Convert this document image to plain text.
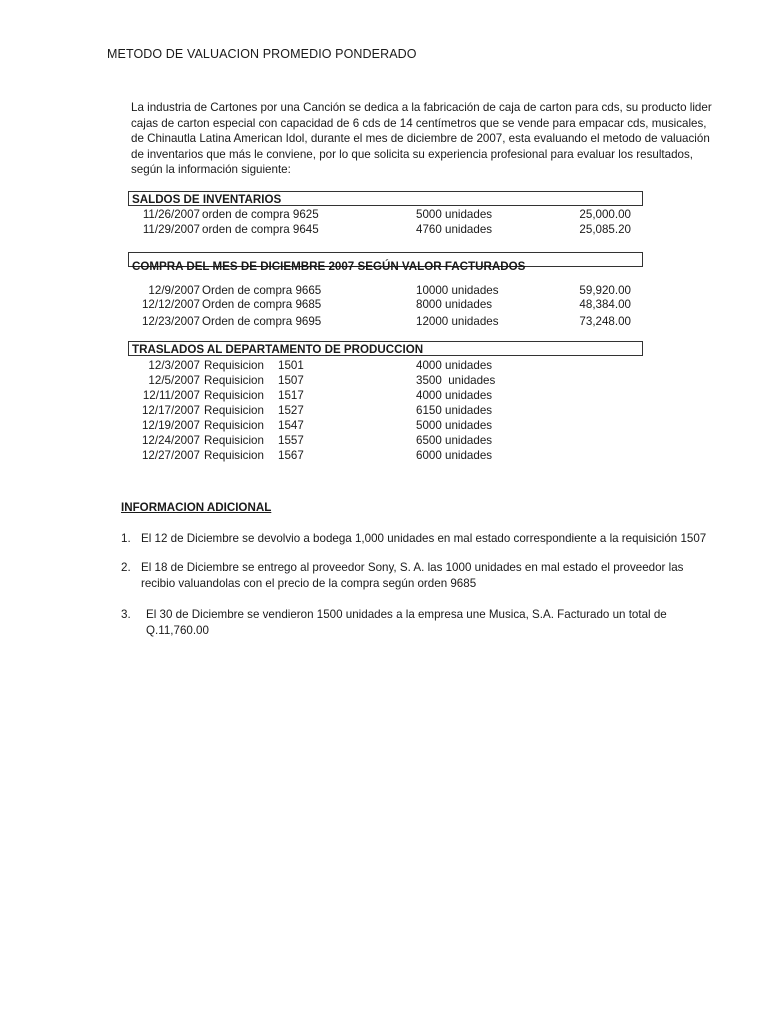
METODO DE VALUACION PROMEDIO PONDERADO
La industria de Cartones por una Canción se dedica a la fabricación de caja de carton para cds, su producto lider
cajas de carton especial con capacidad de 6 cds de 14 centímetros que se vende para empacar cds, musicales,
de Chinautla Latina American Idol, durante el mes de diciembre de 2007, esta evaluando el metodo de valuación
de inventarios que más le conviene, por lo que solicita su experiencia profesional para evaluar los resultados,
según la información siguiente:
SALDOS DE INVENTARIOS
11/26/2007 orden de compra 9625	5000 unidades	25,000.00
11/29/2007 orden de compra 9645	4760 unidades	25,085.20
COMPRA DEL MES DE DICIEMBRE 2007 SEGÚN VALOR FACTURADOS
12/9/2007 Orden de compra 9665	10000 unidades	59,920.00
12/12/2007 Orden de compra 9685	8000 unidades	48,384.00
12/23/2007 Orden de compra 9695	12000 unidades	73,248.00
TRASLADOS AL DEPARTAMENTO DE PRODUCCION
12/3/2007 Requisicion 1501	4000 unidades
12/5/2007 Requisicion 1507	3500  unidades
12/11/2007 Requisicion 1517	4000 unidades
12/17/2007 Requisicion 1527	6150 unidades
12/19/2007 Requisicion 1547	5000 unidades
12/24/2007 Requisicion 1557	6500 unidades
12/27/2007 Requisicion 1567	6000 unidades
INFORMACION ADICIONAL
1. El 12 de Diciembre se devolvio a bodega 1,000 unidades en mal estado correspondiente a la requisición 1507
2. El 18 de Diciembre se entrego al proveedor Sony, S. A. las 1000 unidades en mal estado el proveedor las
recibio valuandolas con el precio de la compra según orden 9685
3. El 30 de Diciembre se vendieron 1500 unidades a la empresa une Musica, S.A. Facturado un total de
Q.11,760.00
